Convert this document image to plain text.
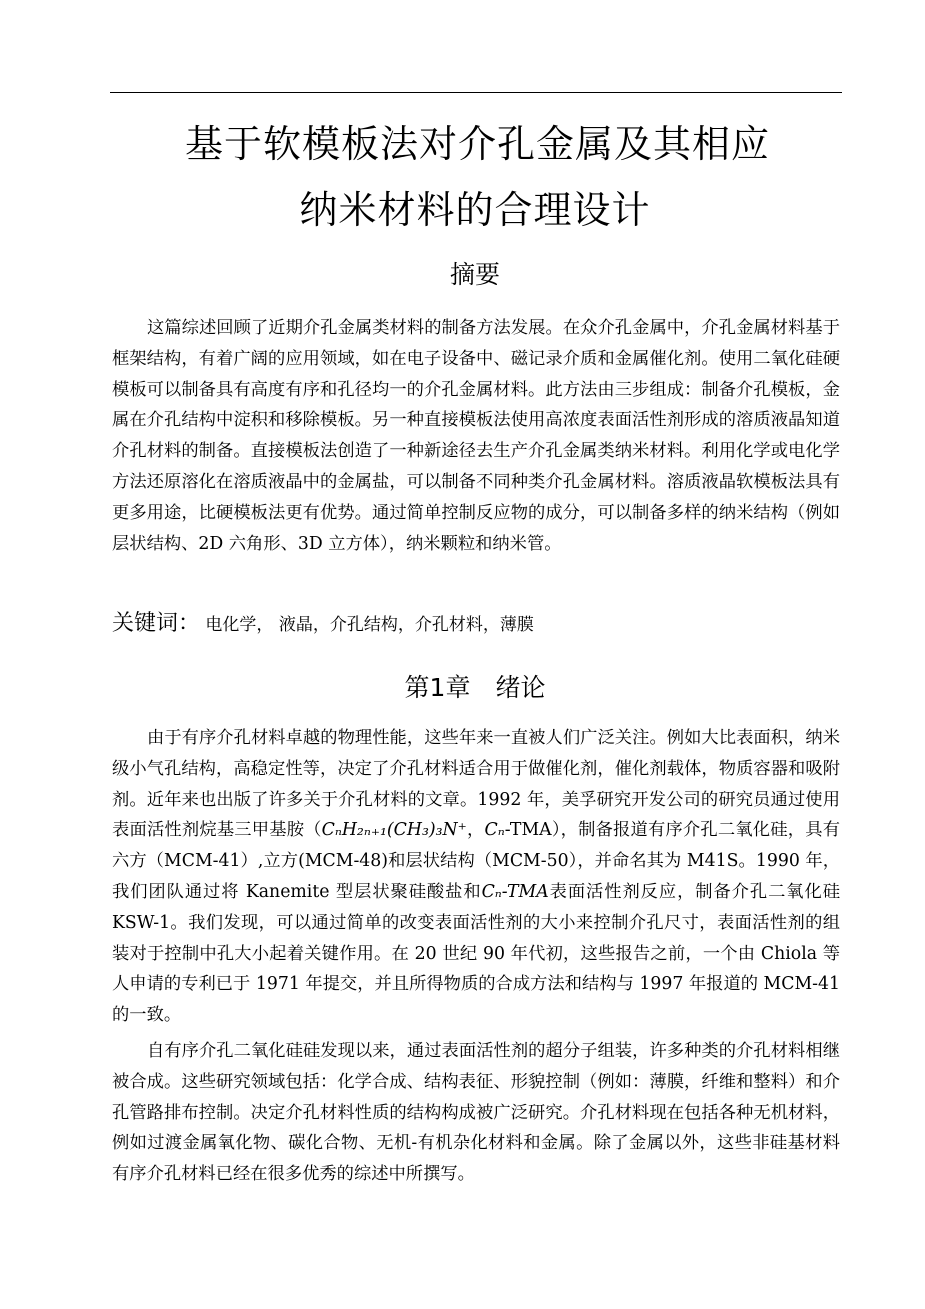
基于软模板法对介孔金属及其相应
纳米材料的合理设计
摘要

这篇综述回顾了近期介孔金属类材料的制备方法发展。在众介孔金属中，介孔金属材料基于框架结构，有着广阔的应用领域，如在电子设备中、磁记录介质和金属催化剂。使用二氧化硅硬模板可以制备具有高度有序和孔径均一的介孔金属材料。此方法由三步组成：制备介孔模板，金属在介孔结构中淀积和移除模板。另一种直接模板法使用高浓度表面活性剂形成的溶质液晶知道介孔材料的制备。直接模板法创造了一种新途径去生产介孔金属类纳米材料。利用化学或电化学方法还原溶化在溶质液晶中的金属盐，可以制备不同种类介孔金属材料。溶质液晶软模板法具有更多用途，比硬模板法更有优势。通过简单控制反应物的成分，可以制备多样的纳米结构（例如层状结构、2D 六角形、3D 立方体），纳米颗粒和纳米管。

关键词： 电化学， 液晶，介孔结构，介孔材料，薄膜
第1章　绪论

由于有序介孔材料卓越的物理性能，这些年来一直被人们广泛关注。例如大比表面积，纳米级小气孔结构，高稳定性等，决定了介孔材料适合用于做催化剂，催化剂载体，物质容器和吸附剂。近年来也出版了许多关于介孔材料的文章。1992 年，美孚研究开发公司的研究员通过使用表面活性剂烷基三甲基胺（CₙH₂ₙ₊₁(CH₃)₃N⁺，Cₙ-TMA），制备报道有序介孔二氧化硅，具有六方（MCM-41）,立方(MCM-48)和层状结构（MCM-50），并命名其为 M41S。1990 年，我们团队通过将 Kanemite 型层状聚硅酸盐和Cₙ-TMA表面活性剂反应，制备介孔二氧化硅 KSW-1。我们发现，可以通过简单的改变表面活性剂的大小来控制介孔尺寸，表面活性剂的组装对于控制中孔大小起着关键作用。在 20 世纪 90 年代初，这些报告之前，一个由 Chiola 等人申请的专利已于 1971 年提交，并且所得物质的合成方法和结构与 1997 年报道的 MCM-41 的一致。

自有序介孔二氧化硅硅发现以来，通过表面活性剂的超分子组装，许多种类的介孔材料相继被合成。这些研究领域包括：化学合成、结构表征、形貌控制（例如：薄膜，纤维和整料）和介孔管路排布控制。决定介孔材料性质的结构构成被广泛研究。介孔材料现在包括各种无机材料，例如过渡金属氧化物、碳化合物、无机-有机杂化材料和金属。除了金属以外，这些非硅基材料有序介孔材料已经在很多优秀的综述中所撰写。
